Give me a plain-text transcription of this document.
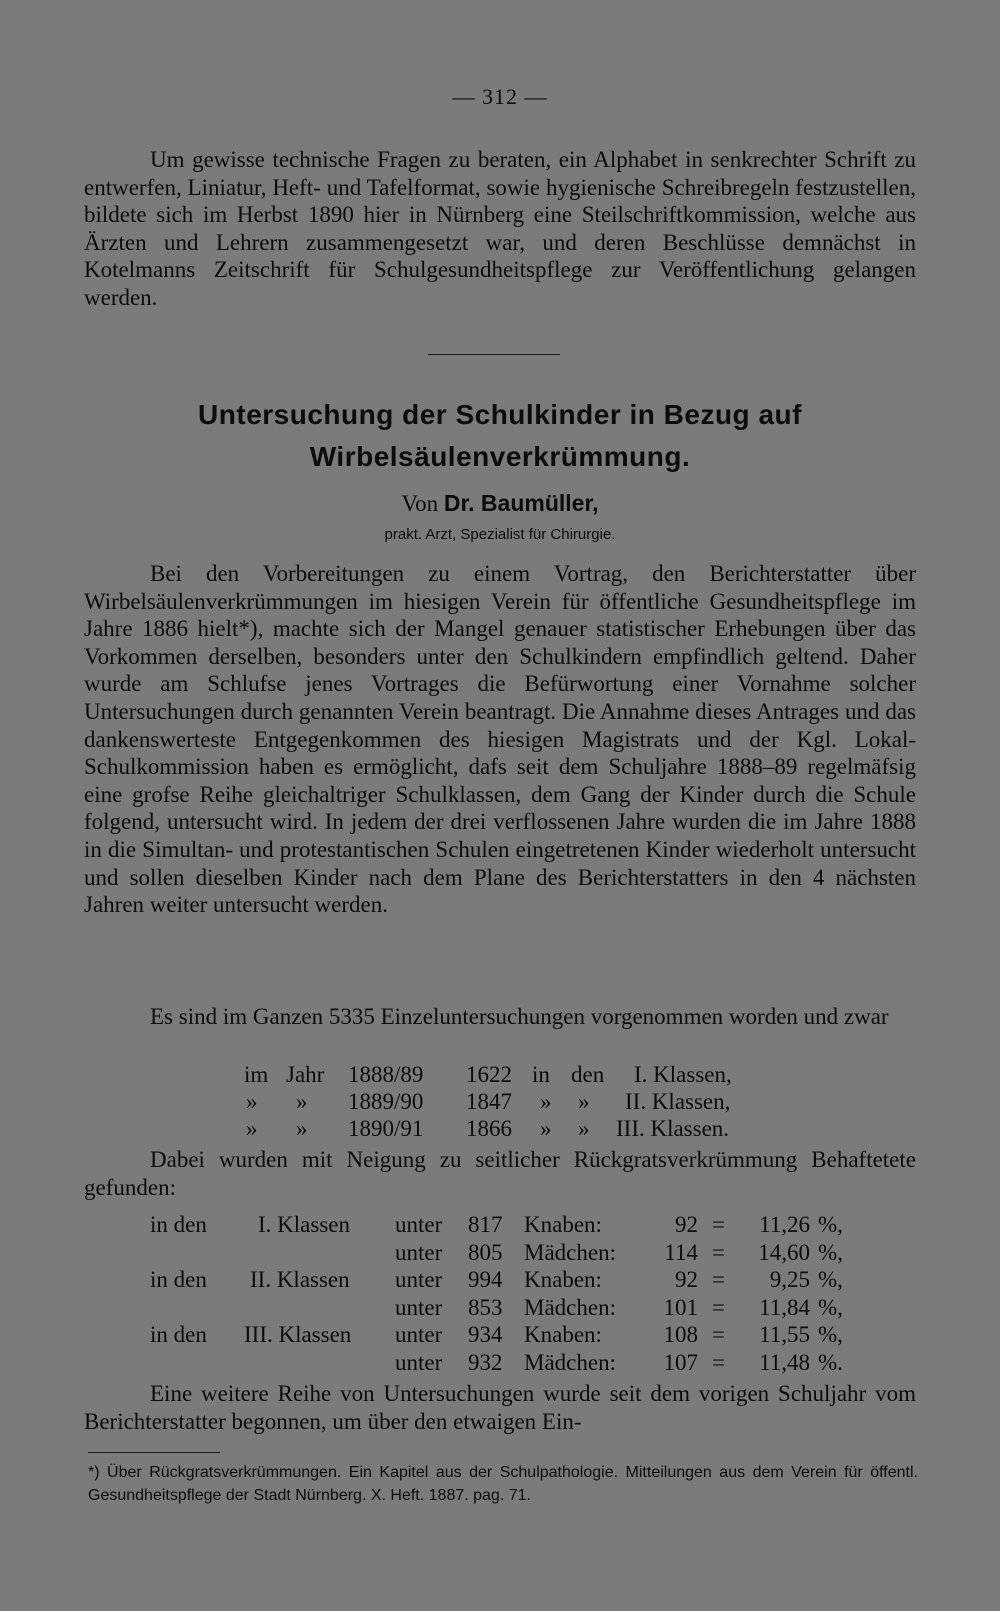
— 312 —
Um gewisse technische Fragen zu beraten, ein Alphabet in senkrechter Schrift zu entwerfen, Liniatur, Heft- und Tafelformat, sowie hygienische Schreibregeln festzustellen, bildete sich im Herbst 1890 hier in Nürnberg eine Steilschriftkommission, welche aus Ärzten und Lehrern zusammengesetzt war, und deren Beschlüsse demnächst in Kotelmanns Zeitschrift für Schulgesundheitspflege zur Veröffentlichung gelangen werden.
Untersuchung der Schulkinder in Bezug auf
Wirbelsäulenverkrümmung.
Von Dr. Baumüller,
prakt. Arzt, Spezialist für Chirurgie.
Bei den Vorbereitungen zu einem Vortrag, den Berichterstatter über Wirbelsäulenverkrümmungen im hiesigen Verein für öffentliche Gesundheitspflege im Jahre 1886 hielt*), machte sich der Mangel genauer statistischer Erhebungen über das Vorkommen derselben, besonders unter den Schulkindern empfindlich geltend. Daher wurde am Schlufse jenes Vortrages die Befürwortung einer Vornahme solcher Untersuchungen durch genannten Verein beantragt. Die Annahme dieses Antrages und das dankenswerteste Entgegenkommen des hiesigen Magistrats und der Kgl. Lokal-Schulkommission haben es ermöglicht, dafs seit dem Schuljahre 1888–89 regelmäfsig eine grofse Reihe gleichaltriger Schulklassen, dem Gang der Kinder durch die Schule folgend, untersucht wird. In jedem der drei verflossenen Jahre wurden die im Jahre 1888 in die Simultan- und protestantischen Schulen eingetretenen Kinder wiederholt untersucht und sollen dieselben Kinder nach dem Plane des Berichterstatters in den 4 nächsten Jahren weiter untersucht werden.
Es sind im Ganzen 5335 Einzeluntersuchungen vorgenommen worden und zwar
im Jahr 1888/89 1622 in den I. Klassen,
» » 1889/90 1847 » » II. Klassen,
» » 1890/91 1866 » » III. Klassen.
Dabei wurden mit Neigung zu seitlicher Rückgratsverkrümmung Behaftetete gefunden:
in den I. Klassen unter 817 Knaben:	92 =	11,26 %,
unter 805 Mädchen:	114 =	14,60 %,
in den II. Klassen unter 994 Knaben:	92 =	9,25 %,
unter 853 Mädchen:	101 =	11,84 %,
in den III. Klassen unter 934 Knaben:	108 =	11,55 %,
unter 932 Mädchen:	107 =	11,48 %.
Eine weitere Reihe von Untersuchungen wurde seit dem vorigen Schuljahr vom Berichterstatter begonnen, um über den etwaigen Ein-
*) Über Rückgratsverkrümmungen. Ein Kapitel aus der Schulpathologie. Mitteilungen aus dem Verein für öffentl. Gesundheitspflege der Stadt Nürnberg. X. Heft. 1887. pag. 71.
